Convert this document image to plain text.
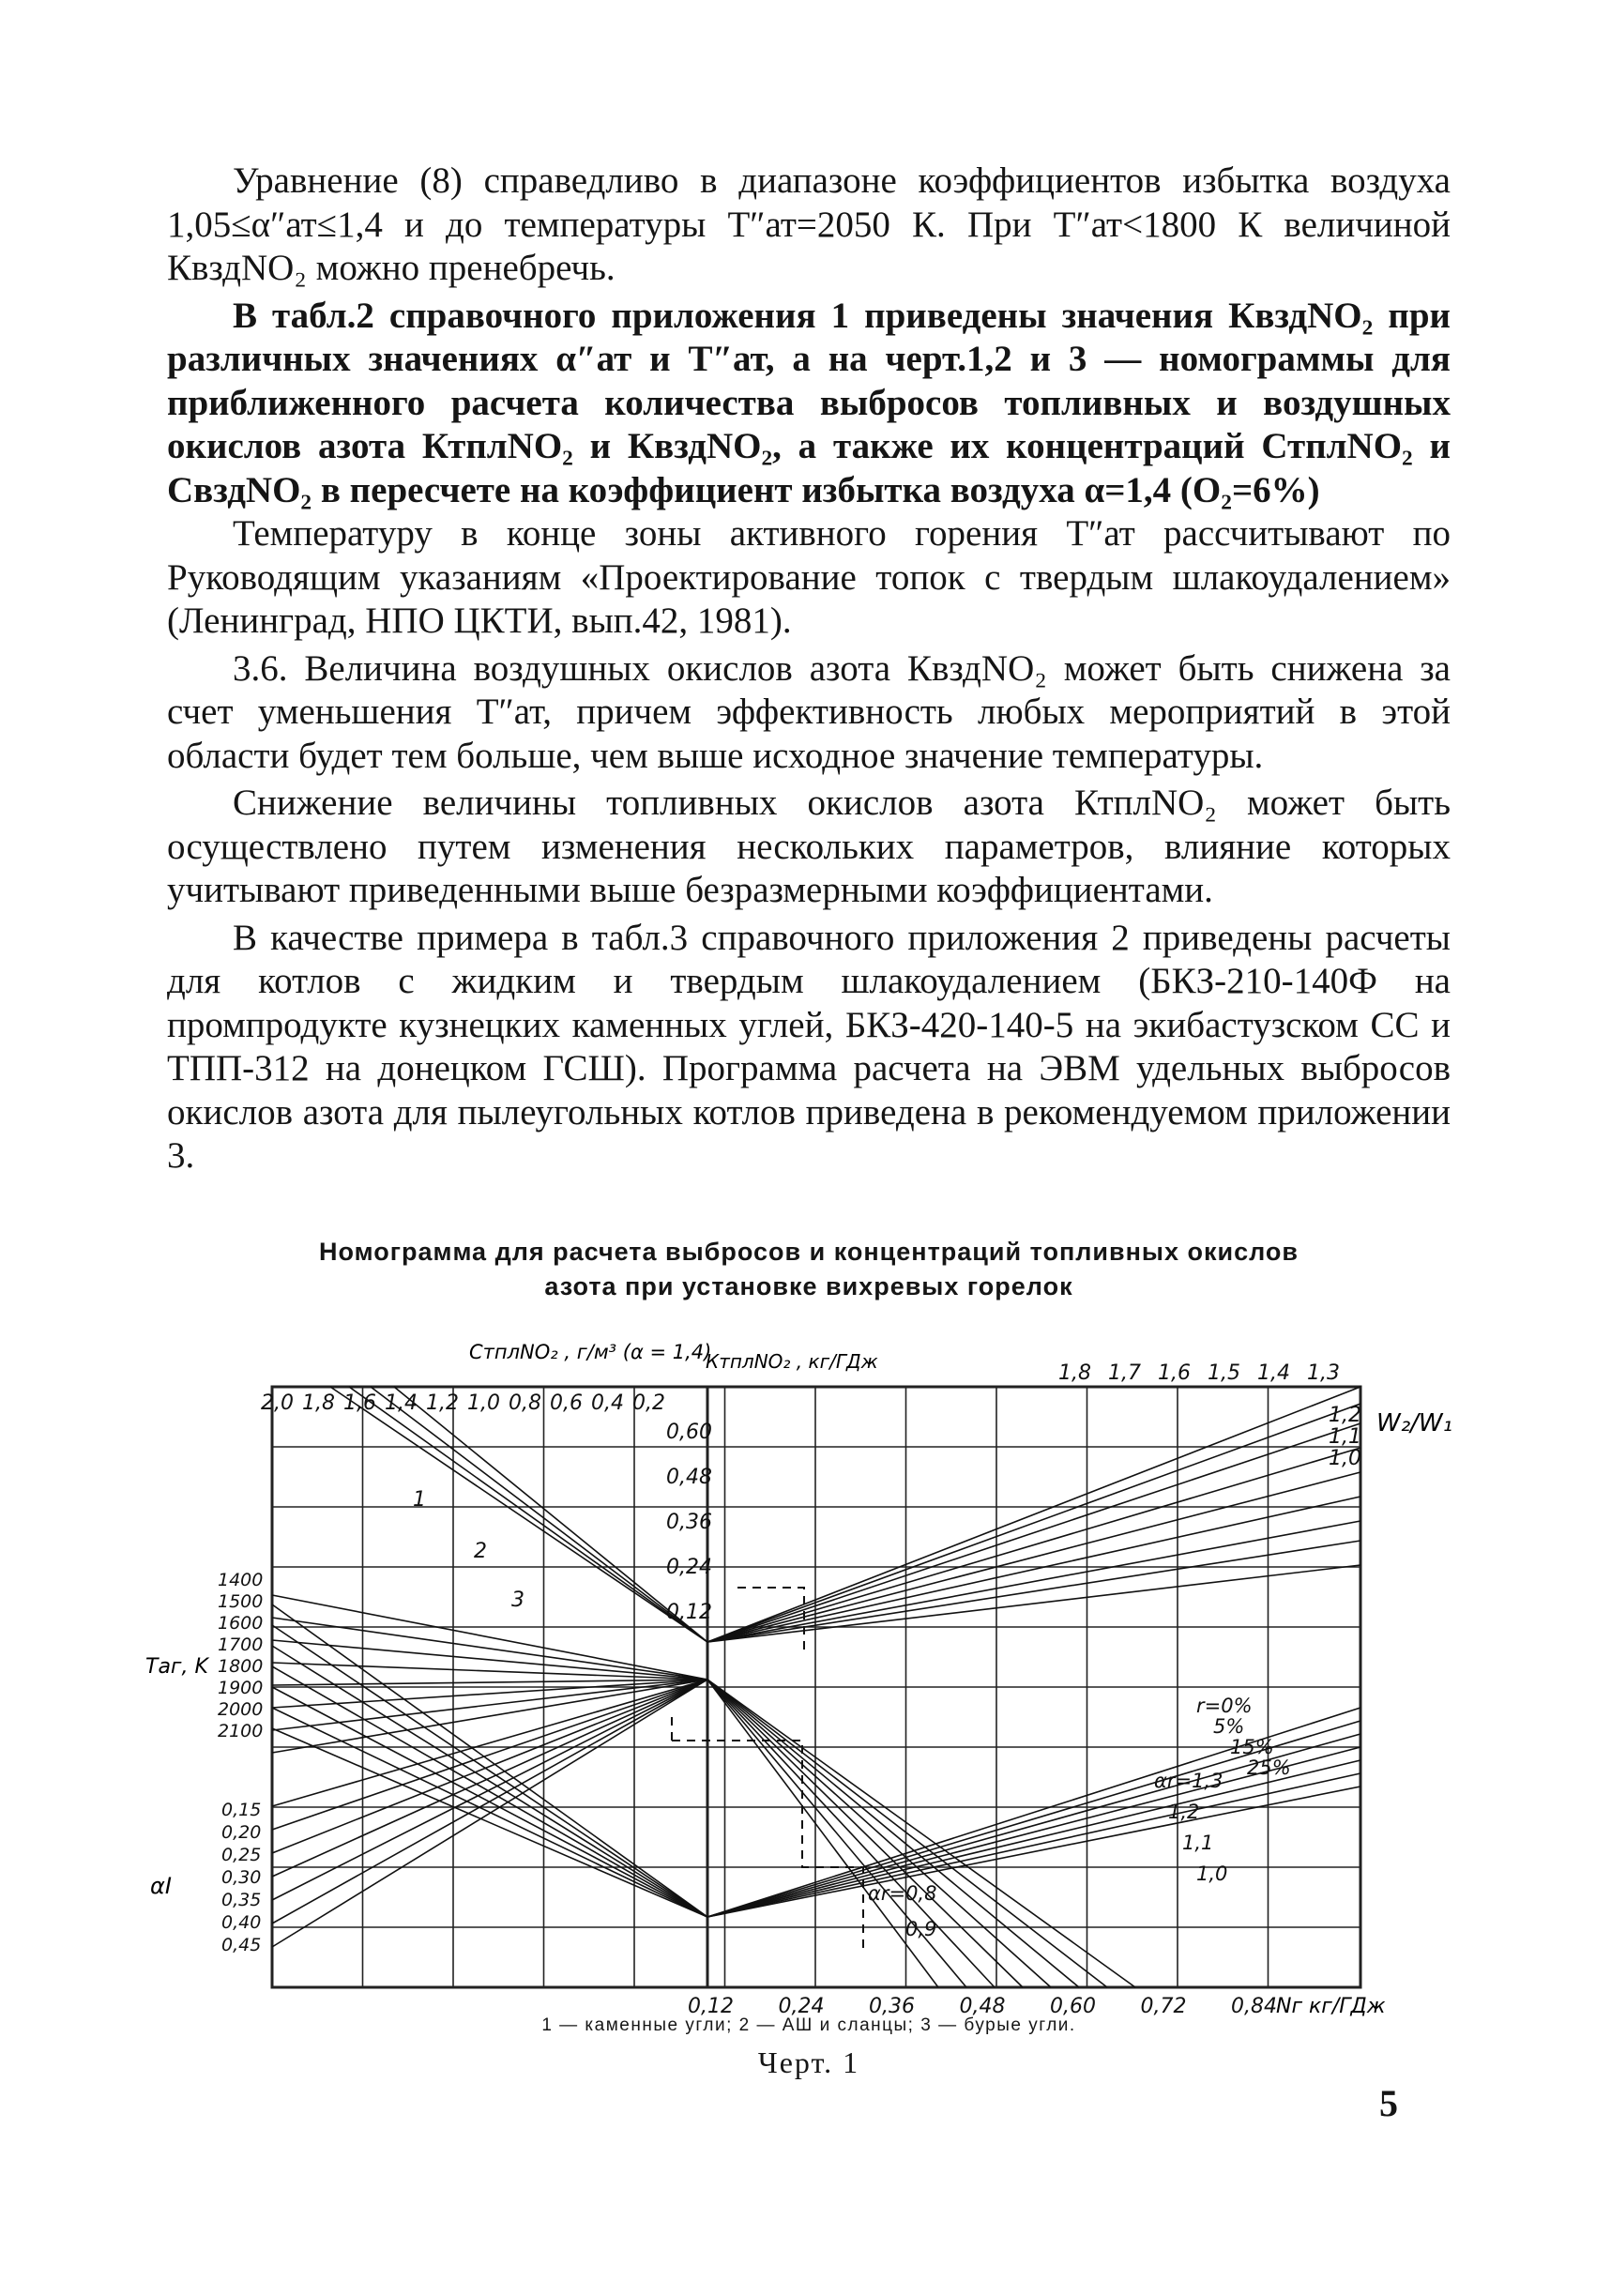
Уравнение (8) справедливо в диапазоне коэффициентов избытка воздуха 1,05≤α″ат≤1,4 и до температуры Т″ат=2050 К. При Т″ат<1800 К величиной КвздNO₂ можно пренебречь.

В табл.2 справочного приложения 1 приведены значения КвздNO₂ при различных значениях α″ат и Т″ат, а на черт.1,2 и 3 — номограммы для приближенного расчета количества выбросов топливных и воздушных окислов азота КтплNO₂ и КвздNO₂, а также их концентраций СтплNO₂ и СвздNO₂ в пересчете на коэффициент избытка воздуха α=1,4 (О₂=6%)

Температуру в конце зоны активного горения Т″ат рассчитывают по Руководящим указаниям «Проектирование топок с твердым шлакоудалением» (Ленинград, НПО ЦКТИ, вып.42, 1981).

3.6. Величина воздушных окислов азота КвздNO₂ может быть снижена за счет уменьшения Т″ат, причем эффективность любых мероприятий в этой области будет тем больше, чем выше исходное значение температуры.

Снижение величины топливных окислов азота КтплNO₂ может быть осуществлено путем изменения нескольких параметров, влияние которых учитывают приведенными выше безразмерными коэффициентами.

В качестве примера в табл.3 справочного приложения 2 приведены расчеты для котлов с жидким и твердым шлакоудалением (БКЗ-210-140Ф на промпродукте кузнецких каменных углей, БКЗ-420-140-5 на экибастузском СС и ТПП-312 на донецком ГСШ). Программа расчета на ЭВМ удельных выбросов окислов азота для пылеугольных котлов приведена в рекомендуемом приложении 3.

Номограмма для расчета выбросов и концентраций топливных окислов
азота при установке вихревых горелок
СтплNO₂ , г/м³ (α = 1,4)
КтплNO₂ , кг/ГДж
W₂/W₁
Tаг, K
αI
Nг кг/ГДж
2,0 1,8 1,6 1,4 1,2 1,0 0,8 0,6 0,4 0,2
0,60
0,48
0,36
0,24
0,12
1,8 1,7 1,6 1,5 1,4 1,3
1,2
1,1
1,0
1400
1500
1600
1700
1800
1900
2000
2100
0,15
0,20
0,25
0,30
0,35
0,40
0,45
0,12 0,24 0,36 0,48 0,60 0,72 0,84
r=0%
5%
15%
25%
αr=1,3
1,2
1,1
1,0
αr=0,8
0,9
1
2
3
1 — каменные угли; 2 — АШ и сланцы; 3 — бурые угли.
Черт. 1
5
